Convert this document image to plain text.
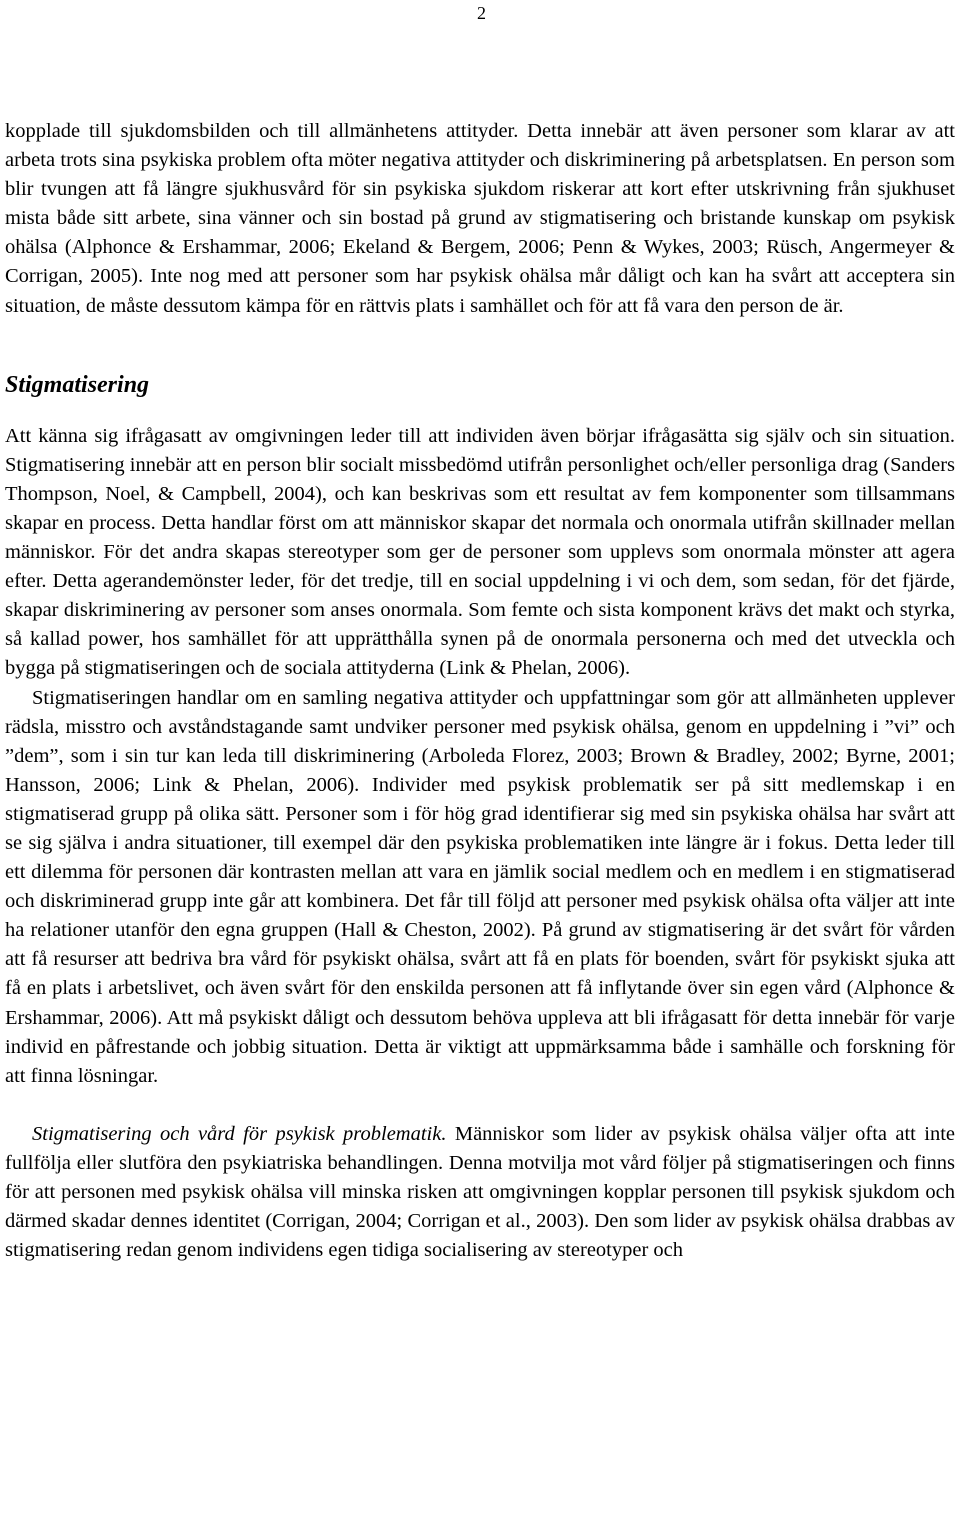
2

kopplade till sjukdomsbilden och till allmänhetens attityder. Detta innebär att även personer som klarar av att arbeta trots sina psykiska problem ofta möter negativa attityder och diskriminering på arbetsplatsen. En person som blir tvungen att få längre sjukhusvård för sin psykiska sjukdom riskerar att kort efter utskrivning från sjukhuset mista både sitt arbete, sina vänner och sin bostad på grund av stigmatisering och bristande kunskap om psykisk ohälsa (Alphonce & Ershammar, 2006; Ekeland & Bergem, 2006; Penn & Wykes, 2003; Rüsch, Angermeyer & Corrigan, 2005). Inte nog med att personer som har psykisk ohälsa mår dåligt och kan ha svårt att acceptera sin situation, de måste dessutom kämpa för en rättvis plats i samhället och för att få vara den person de är.

Stigmatisering

Att känna sig ifrågasatt av omgivningen leder till att individen även börjar ifrågasätta sig själv och sin situation. Stigmatisering innebär att en person blir socialt missbedömd utifrån personlighet och/eller personliga drag (Sanders Thompson, Noel, & Campbell, 2004), och kan beskrivas som ett resultat av fem komponenter som tillsammans skapar en process. Detta handlar först om att människor skapar det normala och onormala utifrån skillnader mellan människor. För det andra skapas stereotyper som ger de personer som upplevs som onormala mönster att agera efter. Detta agerandemönster leder, för det tredje, till en social uppdelning i vi och dem, som sedan, för det fjärde, skapar diskriminering av personer som anses onormala. Som femte och sista komponent krävs det makt och styrka, så kallad power, hos samhället för att upprätthålla synen på de onormala personerna och med det utveckla och bygga på stigmatiseringen och de sociala attityderna (Link & Phelan, 2006).

Stigmatiseringen handlar om en samling negativa attityder och uppfattningar som gör att allmänheten upplever rädsla, misstro och avståndstagande samt undviker personer med psykisk ohälsa, genom en uppdelning i ”vi” och ”dem”, som i sin tur kan leda till diskriminering (Arboleda Florez, 2003; Brown & Bradley, 2002; Byrne, 2001; Hansson, 2006; Link & Phelan, 2006). Individer med psykisk problematik ser på sitt medlemskap i en stigmatiserad grupp på olika sätt. Personer som i för hög grad identifierar sig med sin psykiska ohälsa har svårt att se sig själva i andra situationer, till exempel där den psykiska problematiken inte längre är i fokus. Detta leder till ett dilemma för personen där kontrasten mellan att vara en jämlik social medlem och en medlem i en stigmatiserad och diskriminerad grupp inte går att kombinera. Det får till följd att personer med psykisk ohälsa ofta väljer att inte ha relationer utanför den egna gruppen (Hall & Cheston, 2002). På grund av stigmatisering är det svårt för vården att få resurser att bedriva bra vård för psykiskt ohälsa, svårt att få en plats för boenden, svårt för psykiskt sjuka att få en plats i arbetslivet, och även svårt för den enskilda personen att få inflytande över sin egen vård (Alphonce & Ershammar, 2006). Att må psykiskt dåligt och dessutom behöva uppleva att bli ifrågasatt för detta innebär för varje individ en påfrestande och jobbig situation. Detta är viktigt att uppmärksamma både i samhälle och forskning för att finna lösningar.

Stigmatisering och vård för psykisk problematik. Människor som lider av psykisk ohälsa väljer ofta att inte fullfölja eller slutföra den psykiatriska behandlingen. Denna motvilja mot vård följer på stigmatiseringen och finns för att personen med psykisk ohälsa vill minska risken att omgivningen kopplar personen till psykisk sjukdom och därmed skadar dennes identitet (Corrigan, 2004; Corrigan et al., 2003). Den som lider av psykisk ohälsa drabbas av stigmatisering redan genom individens egen tidiga socialisering av stereotyper och
